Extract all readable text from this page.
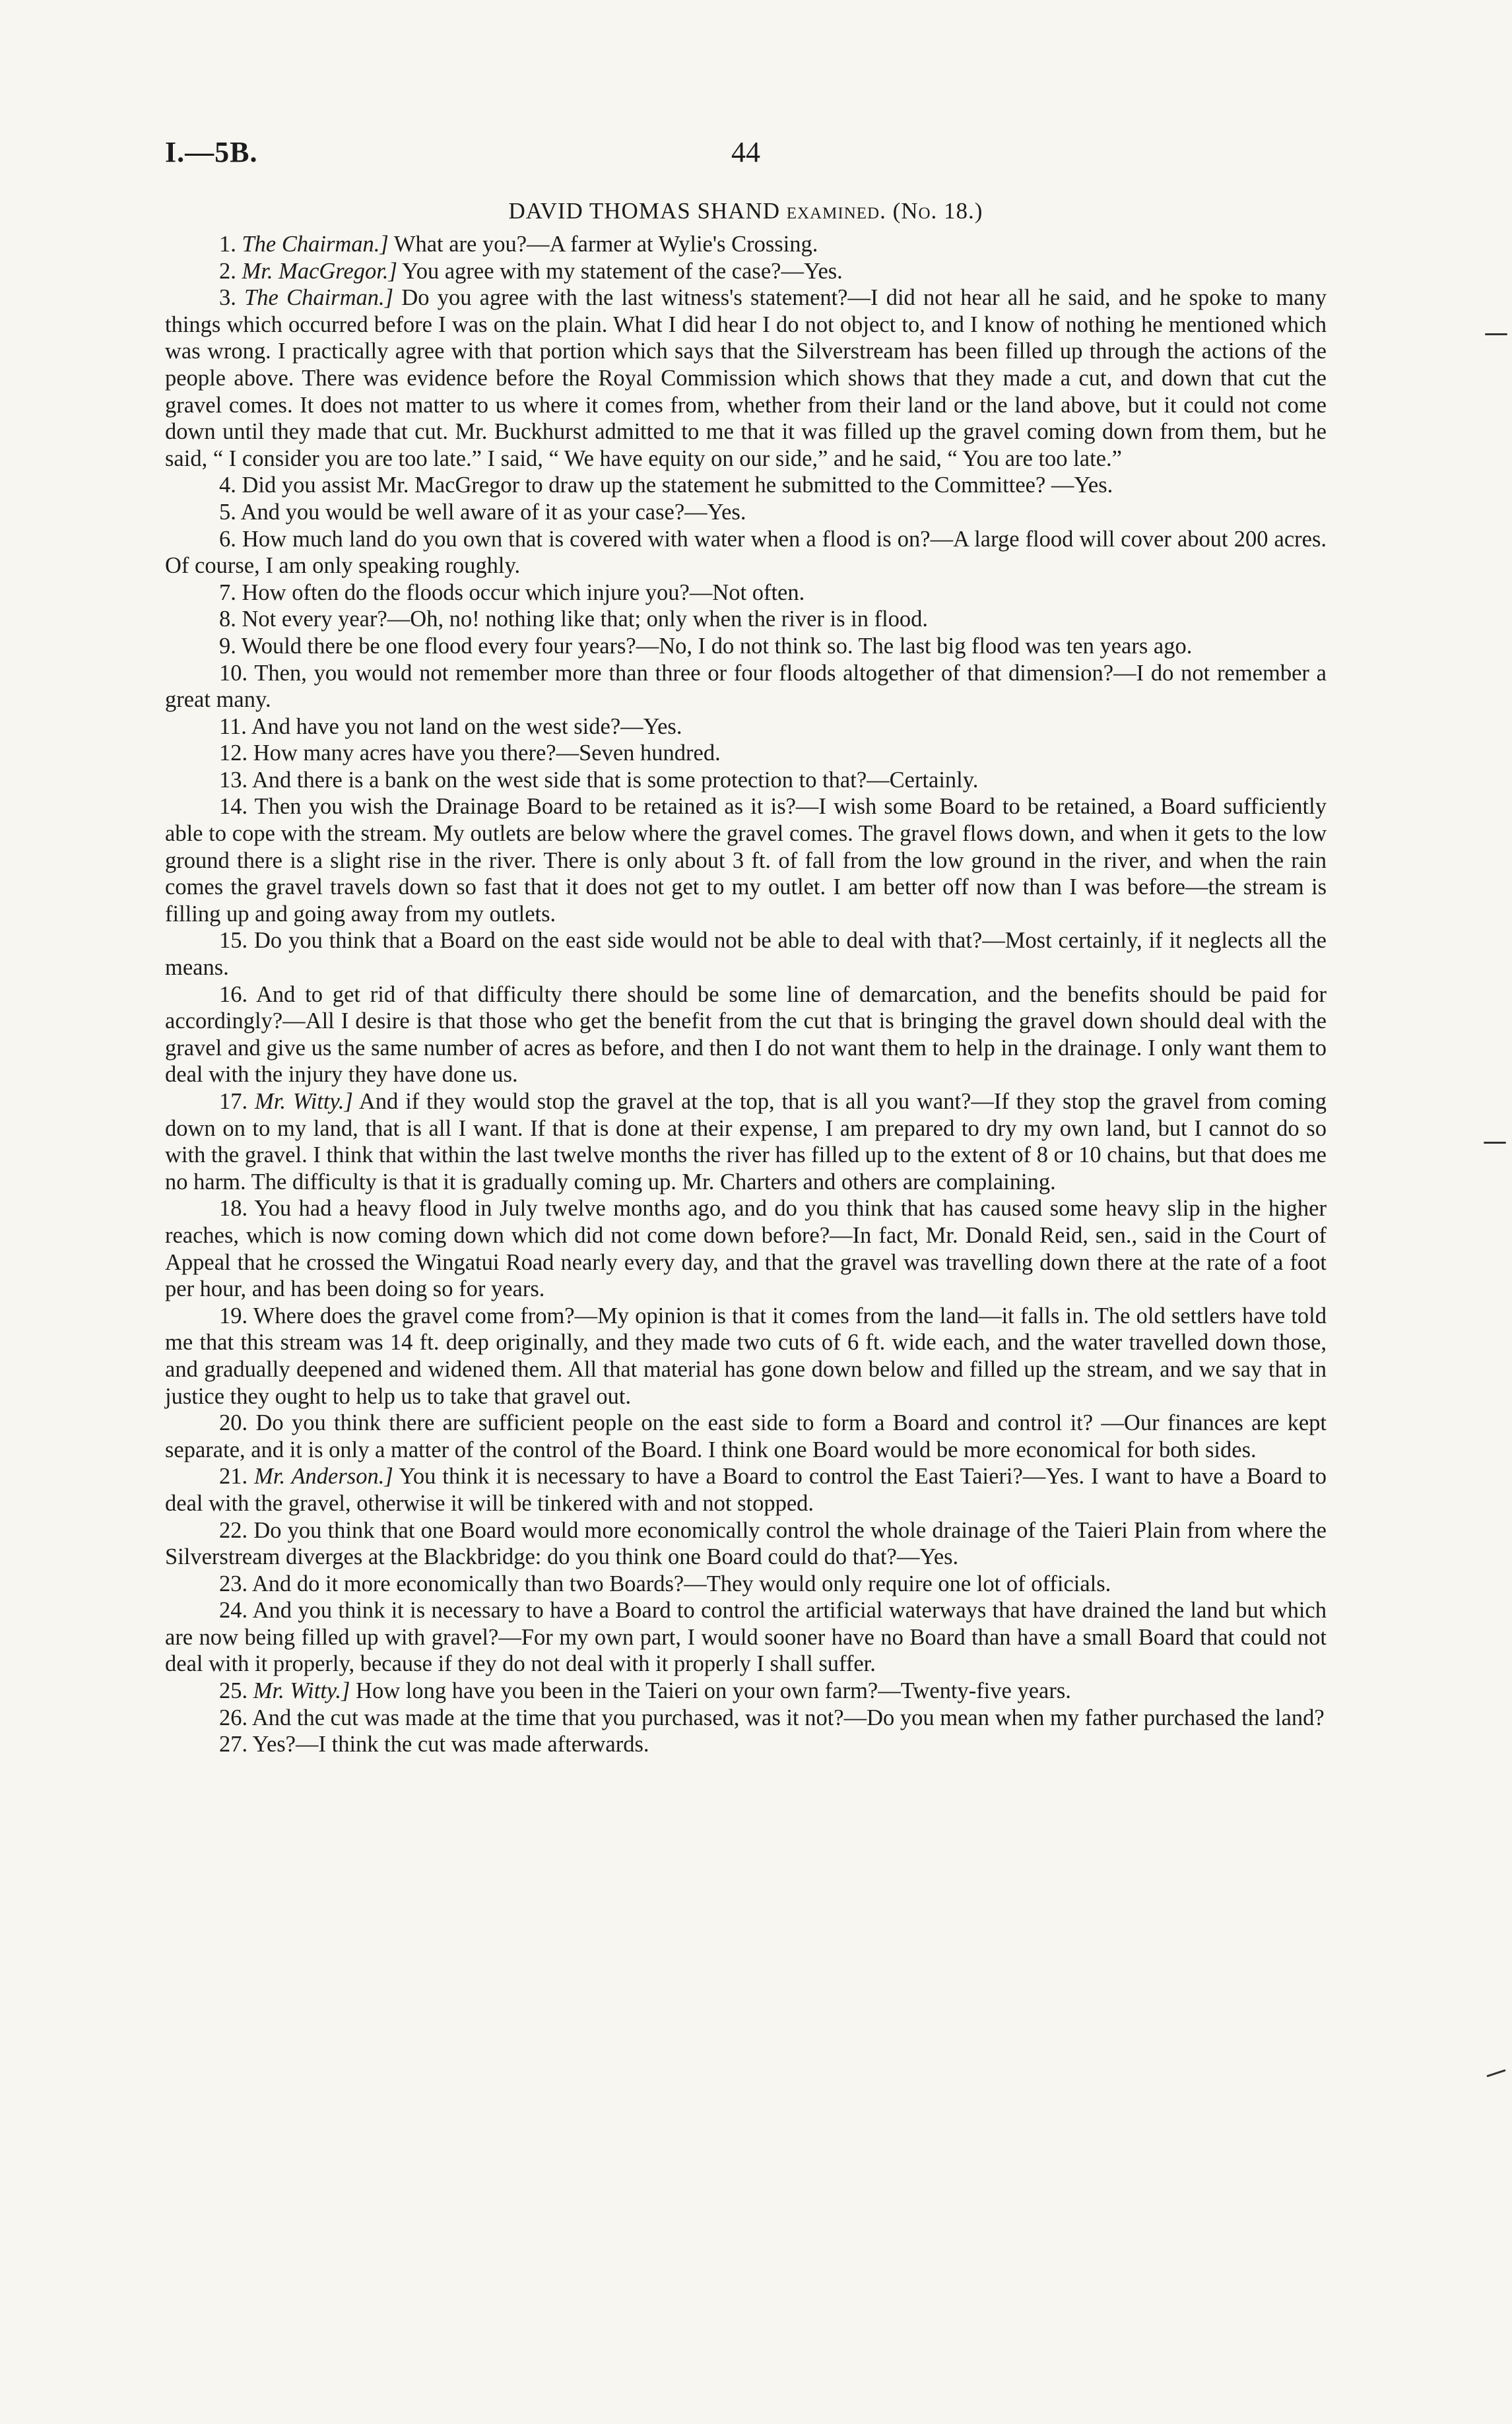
I.—5B.	44
DAVID THOMAS SHAND examined. (No. 18.)

1. The Chairman.] What are you?—A farmer at Wylie's Crossing.

2. Mr. MacGregor.] You agree with my statement of the case?—Yes.

3. The Chairman.] Do you agree with the last witness's statement?—I did not hear all he said, and he spoke to many things which occurred before I was on the plain. What I did hear I do not object to, and I know of nothing he mentioned which was wrong. I practically agree with that portion which says that the Silverstream has been filled up through the actions of the people above. There was evidence before the Royal Commission which shows that they made a cut, and down that cut the gravel comes. It does not matter to us where it comes from, whether from their land or the land above, but it could not come down until they made that cut. Mr. Buckhurst admitted to me that it was filled up the gravel coming down from them, but he said, “ I consider you are too late.” I said, “ We have equity on our side,” and he said, “ You are too late.”

4. Did you assist Mr. MacGregor to draw up the statement he submitted to the Committee? —Yes.

5. And you would be well aware of it as your case?—Yes.

6. How much land do you own that is covered with water when a flood is on?—A large flood will cover about 200 acres. Of course, I am only speaking roughly.

7. How often do the floods occur which injure you?—Not often.

8. Not every year?—Oh, no! nothing like that; only when the river is in flood.

9. Would there be one flood every four years?—No, I do not think so. The last big flood was ten years ago.

10. Then, you would not remember more than three or four floods altogether of that dimension?—I do not remember a great many.

11. And have you not land on the west side?—Yes.

12. How many acres have you there?—Seven hundred.

13. And there is a bank on the west side that is some protection to that?—Certainly.

14. Then you wish the Drainage Board to be retained as it is?—I wish some Board to be retained, a Board sufficiently able to cope with the stream. My outlets are below where the gravel comes. The gravel flows down, and when it gets to the low ground there is a slight rise in the river. There is only about 3 ft. of fall from the low ground in the river, and when the rain comes the gravel travels down so fast that it does not get to my outlet. I am better off now than I was before—the stream is filling up and going away from my outlets.

15. Do you think that a Board on the east side would not be able to deal with that?—Most certainly, if it neglects all the means.

16. And to get rid of that difficulty there should be some line of demarcation, and the benefits should be paid for accordingly?—All I desire is that those who get the benefit from the cut that is bringing the gravel down should deal with the gravel and give us the same number of acres as before, and then I do not want them to help in the drainage. I only want them to deal with the injury they have done us.

17. Mr. Witty.] And if they would stop the gravel at the top, that is all you want?—If they stop the gravel from coming down on to my land, that is all I want. If that is done at their expense, I am prepared to dry my own land, but I cannot do so with the gravel. I think that within the last twelve months the river has filled up to the extent of 8 or 10 chains, but that does me no harm. The difficulty is that it is gradually coming up. Mr. Charters and others are complaining.

18. You had a heavy flood in July twelve months ago, and do you think that has caused some heavy slip in the higher reaches, which is now coming down which did not come down before?—In fact, Mr. Donald Reid, sen., said in the Court of Appeal that he crossed the Wingatui Road nearly every day, and that the gravel was travelling down there at the rate of a foot per hour, and has been doing so for years.

19. Where does the gravel come from?—My opinion is that it comes from the land—it falls in. The old settlers have told me that this stream was 14 ft. deep originally, and they made two cuts of 6 ft. wide each, and the water travelled down those, and gradually deepened and widened them. All that material has gone down below and filled up the stream, and we say that in justice they ought to help us to take that gravel out.

20. Do you think there are sufficient people on the east side to form a Board and control it? —Our finances are kept separate, and it is only a matter of the control of the Board. I think one Board would be more economical for both sides.

21. Mr. Anderson.] You think it is necessary to have a Board to control the East Taieri?—Yes. I want to have a Board to deal with the gravel, otherwise it will be tinkered with and not stopped.

22. Do you think that one Board would more economically control the whole drainage of the Taieri Plain from where the Silverstream diverges at the Blackbridge: do you think one Board could do that?—Yes.

23. And do it more economically than two Boards?—They would only require one lot of officials.

24. And you think it is necessary to have a Board to control the artificial waterways that have drained the land but which are now being filled up with gravel?—For my own part, I would sooner have no Board than have a small Board that could not deal with it properly, because if they do not deal with it properly I shall suffer.

25. Mr. Witty.] How long have you been in the Taieri on your own farm?—Twenty-five years.

26. And the cut was made at the time that you purchased, was it not?—Do you mean when my father purchased the land?

27. Yes?—I think the cut was made afterwards.
